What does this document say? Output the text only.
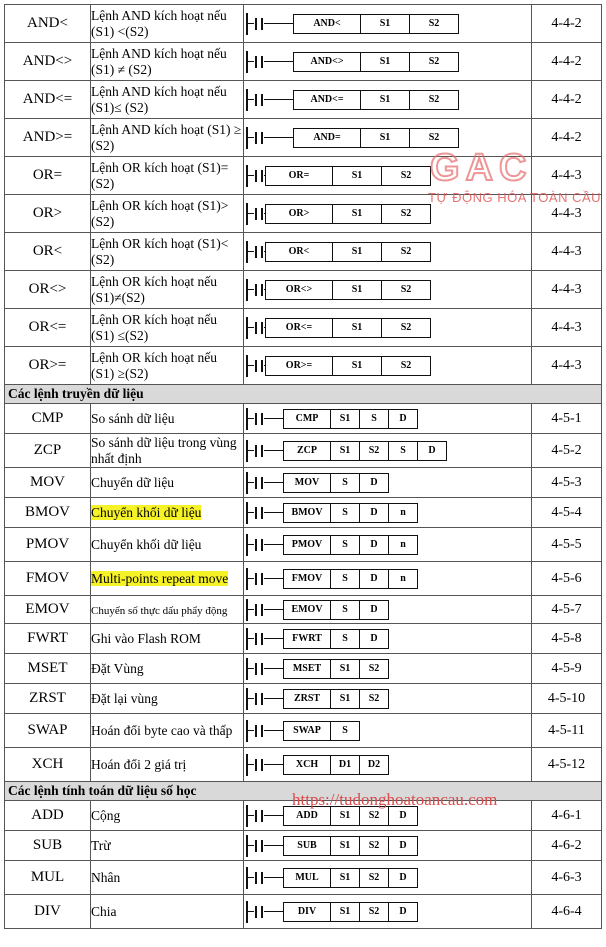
AND<	Lệnh AND kích hoạt nếu (S1) <(S2)	AND< S1 S2	4-4-2
AND<>	Lệnh AND kích hoạt nếu (S1) ≠ (S2)	AND<> S1 S2	4-4-2
AND<=	Lệnh AND kích hoạt nếu (S1)≤ (S2)	AND<= S1 S2	4-4-2
AND>=	Lệnh AND kích hoạt (S1) ≥ (S2)	AND= S1 S2	4-4-2
OR=	Lệnh OR kích hoạt (S1)= (S2)	OR= S1 S2	4-4-3
OR>	Lệnh OR kích hoạt (S1)> (S2)	OR> S1 S2	4-4-3
OR<	Lệnh OR kích hoạt (S1)< (S2)	OR< S1 S2	4-4-3
OR<>	Lệnh OR kích hoạt nếu (S1)≠(S2)	OR<> S1 S2	4-4-3
OR<=	Lệnh OR kích hoạt nếu (S1) ≤(S2)	OR<= S1 S2	4-4-3
OR>=	Lệnh OR kích hoạt nếu (S1) ≥(S2)	OR>= S1 S2	4-4-3
Các lệnh truyền dữ liệu			
CMP	So sánh dữ liệu	CMP S1 S D	4-5-1
ZCP	So sánh dữ liệu trong vùng nhất định	ZCP S1 S2 S D	4-5-2
MOV	Chuyển dữ liệu	MOV S D	4-5-3
BMOV	Chuyển khối dữ liệu	BMOV S D n	4-5-4
PMOV	Chuyển khối dữ liệu	PMOV S D n	4-5-5
FMOV	Multi-points repeat move	FMOV S D n	4-5-6
EMOV	Chuyển số thực dấu phẩy động	EMOV S D	4-5-7
FWRT	Ghi vào Flash ROM	FWRT S D	4-5-8
MSET	Đặt Vùng	MSET S1 S2	4-5-9
ZRST	Đặt lại vùng	ZRST S1 S2	4-5-10
SWAP	Hoán đổi byte cao và thấp	SWAP S	4-5-11
XCH	Hoán đổi 2 giá trị	XCH D1 D2	4-5-12
Các lệnh tính toán dữ liệu số học			
ADD	Cộng	ADD S1 S2 D	4-6-1
SUB	Trừ	SUB S1 S2 D	4-6-2
MUL	Nhân	MUL S1 S2 D	4-6-3
DIV	Chia	DIV S1 S2 D	4-6-4
GAC
TỰ ĐỘNG HÓA TOÀN CẦU
https://tudonghoatoancau.com
